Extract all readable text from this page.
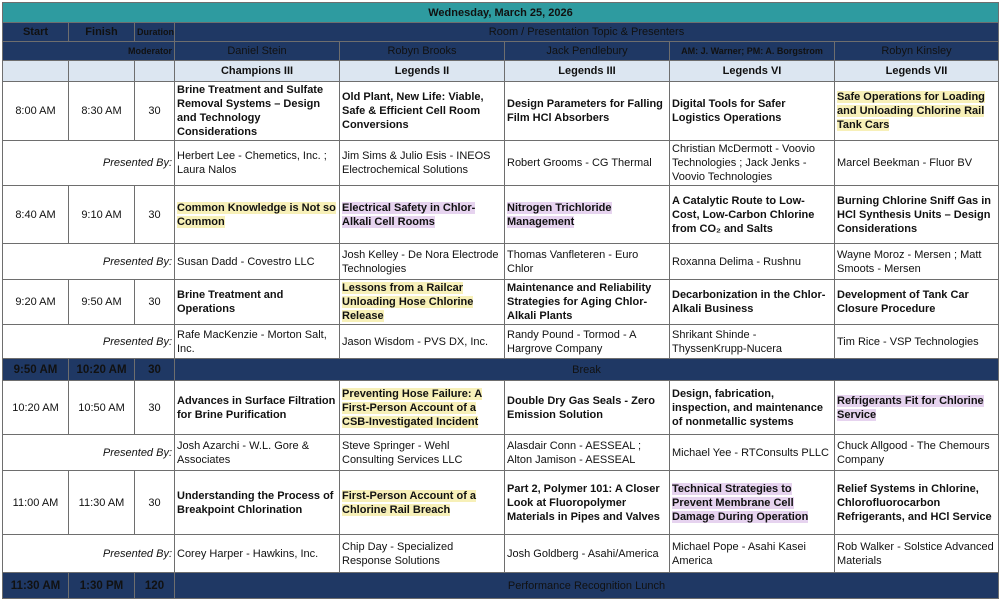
Wednesday, March 25, 2026							
Start	Finish	Duration	Room / Presentation Topic & Presenters				
Moderator			Daniel Stein	Robyn Brooks	Jack Pendlebury	AM: J. Warner; PM: A. Borgstrom	Robyn Kinsley
			Champions III	Legends II	Legends III	Legends VI	Legends VII
8:00 AM	8:30 AM	30	Brine Treatment and Sulfate Removal Systems – Design and Technology Considerations	Old Plant, New Life: Viable, Safe & Efficient Cell Room Conversions	Design Parameters for Falling Film HCl Absorbers	Digital Tools for Safer Logistics Operations	Safe Operations for Loading and Unloading Chlorine Rail Tank Cars
Presented By:			Herbert Lee - Chemetics, Inc. ; Laura Nalos	Jim Sims & Julio Esis - INEOS Electrochemical Solutions	Robert Grooms - CG Thermal	Christian McDermott - Voovio Technologies ; Jack Jenks - Voovio Technologies	Marcel Beekman - Fluor BV
8:40 AM	9:10 AM	30	Common Knowledge is Not so Common	Electrical Safety in Chlor-Alkali Cell Rooms	Nitrogen Trichloride Management	A Catalytic Route to Low-Cost, Low-Carbon Chlorine from CO₂ and Salts	Burning Chlorine Sniff Gas in HCl Synthesis Units – Design Considerations
Presented By:			Susan Dadd - Covestro LLC	Josh Kelley - De Nora Electrode Technologies	Thomas Vanfleteren - Euro Chlor	Roxanna Delima - Rushnu	Wayne Moroz - Mersen ; Matt Smoots - Mersen
9:20 AM	9:50 AM	30	Brine Treatment and Operations	Lessons from a Railcar Unloading Hose Chlorine Release	Maintenance and Reliability Strategies for Aging Chlor-Alkali Plants	Decarbonization in the Chlor-Alkali Business	Development of Tank Car Closure Procedure
Presented By:			Rafe MacKenzie - Morton Salt, Inc.	Jason Wisdom - PVS DX, Inc.	Randy Pound - Tormod - A Hargrove Company	Shrikant Shinde - ThyssenKrupp-Nucera	Tim Rice - VSP Technologies
9:50 AM	10:20 AM	30	Break				
10:20 AM	10:50 AM	30	Advances in Surface Filtration for Brine Purification	Preventing Hose Failure: A First-Person Account of a CSB-Investigated Incident	Double Dry Gas Seals - Zero Emission Solution	Design, fabrication, inspection, and maintenance of nonmetallic systems	Refrigerants Fit for Chlorine Service
Presented By:			Josh Azarchi - W.L. Gore & Associates	Steve Springer - Wehl Consulting Services LLC	Alasdair Conn - AESSEAL ; Alton Jamison - AESSEAL	Michael Yee - RTConsults PLLC	Chuck Allgood - The Chemours Company
11:00 AM	11:30 AM	30	Understanding the Process of Breakpoint Chlorination	First-Person Account of a Chlorine Rail Breach	Part 2, Polymer 101: A Closer Look at Fluoropolymer Materials in Pipes and Valves	Technical Strategies to Prevent Membrane Cell Damage During Operation	Relief Systems in Chlorine, Chlorofluorocarbon Refrigerants, and HCl Service
Presented By:			Corey Harper - Hawkins, Inc.	Chip Day - Specialized Response Solutions	Josh Goldberg - Asahi/America	Michael Pope - Asahi Kasei America	Rob Walker - Solstice Advanced Materials
11:30 AM	1:30 PM	120	Performance Recognition Lunch				
